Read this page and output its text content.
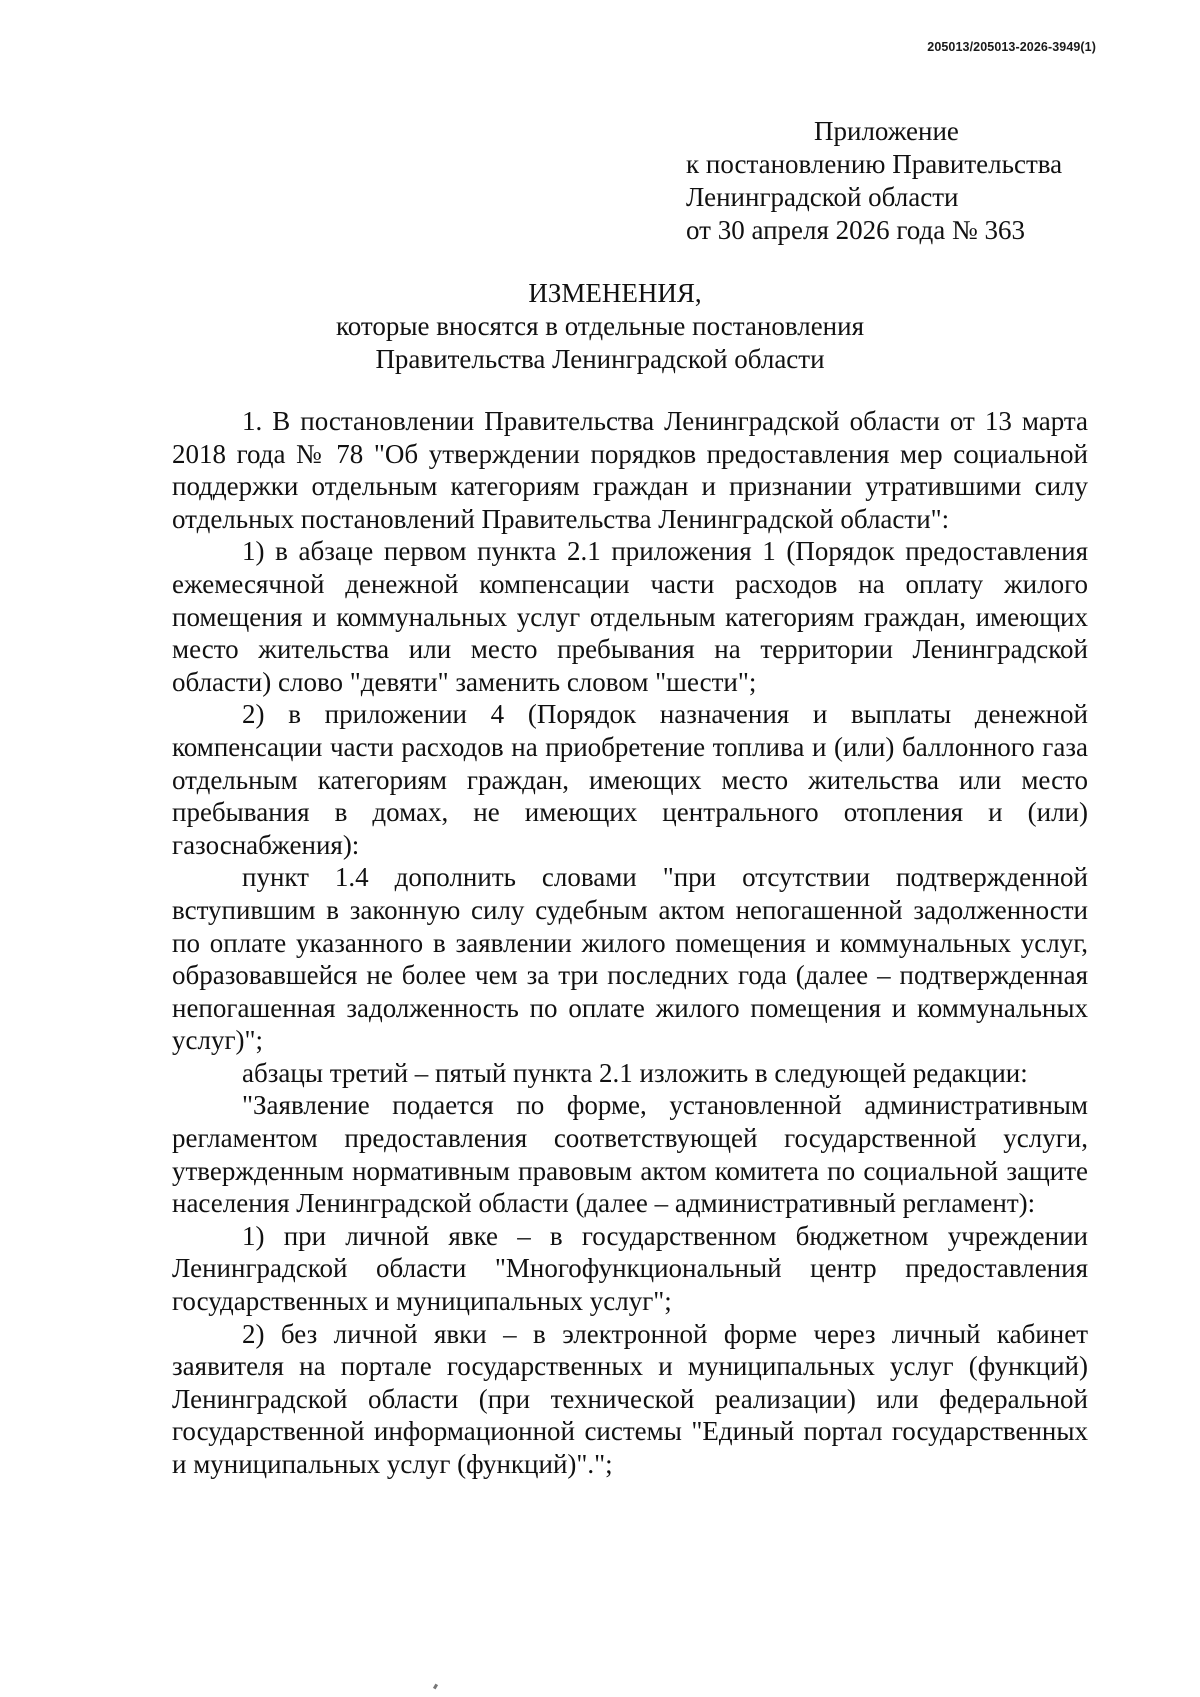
205013/205013-2026-3949(1)
Приложение
к постановлению Правительства
Ленинградской области
от 30 апреля 2026 года № 363
ИЗМЕНЕНИЯ,
которые вносятся в отдельные постановления
Правительства Ленинградской области

1. В постановлении Правительства Ленинградской области от 13 марта 2018 года № 78 "Об утверждении порядков предоставления мер социальной поддержки отдельным категориям граждан и признании утратившими силу отдельных постановлений Правительства Ленинградской области":

1) в абзаце первом пункта 2.1 приложения 1 (Порядок предоставления ежемесячной денежной компенсации части расходов на оплату жилого помещения и коммунальных услуг отдельным категориям граждан, имеющих место жительства или место пребывания на территории Ленинградской области) слово "девяти" заменить словом "шести";

2) в приложении 4 (Порядок назначения и выплаты денежной компенсации части расходов на приобретение топлива и (или) баллонного газа отдельным категориям граждан, имеющих место жительства или место пребывания в домах, не имеющих центрального отопления и (или) газоснабжения):

пункт 1.4 дополнить словами "при отсутствии подтвержденной вступившим в законную силу судебным актом непогашенной задолженности по оплате указанного в заявлении жилого помещения и коммунальных услуг, образовавшейся не более чем за три последних года (далее – подтвержденная непогашенная задолженность по оплате жилого помещения и коммунальных услуг)";

абзацы третий – пятый пункта 2.1 изложить в следующей редакции:

"Заявление подается по форме, установленной административным регламентом предоставления соответствующей государственной услуги, утвержденным нормативным правовым актом комитета по социальной защите населения Ленинградской области (далее – административный регламент):

1) при личной явке – в государственном бюджетном учреждении Ленинградской области "Многофункциональный центр предоставления государственных и муниципальных услуг";

2) без личной явки – в электронной форме через личный кабинет заявителя на портале государственных и муниципальных услуг (функций) Ленинградской области (при технической реализации) или федеральной государственной информационной системы "Единый портал государственных и муниципальных услуг (функций)".";
